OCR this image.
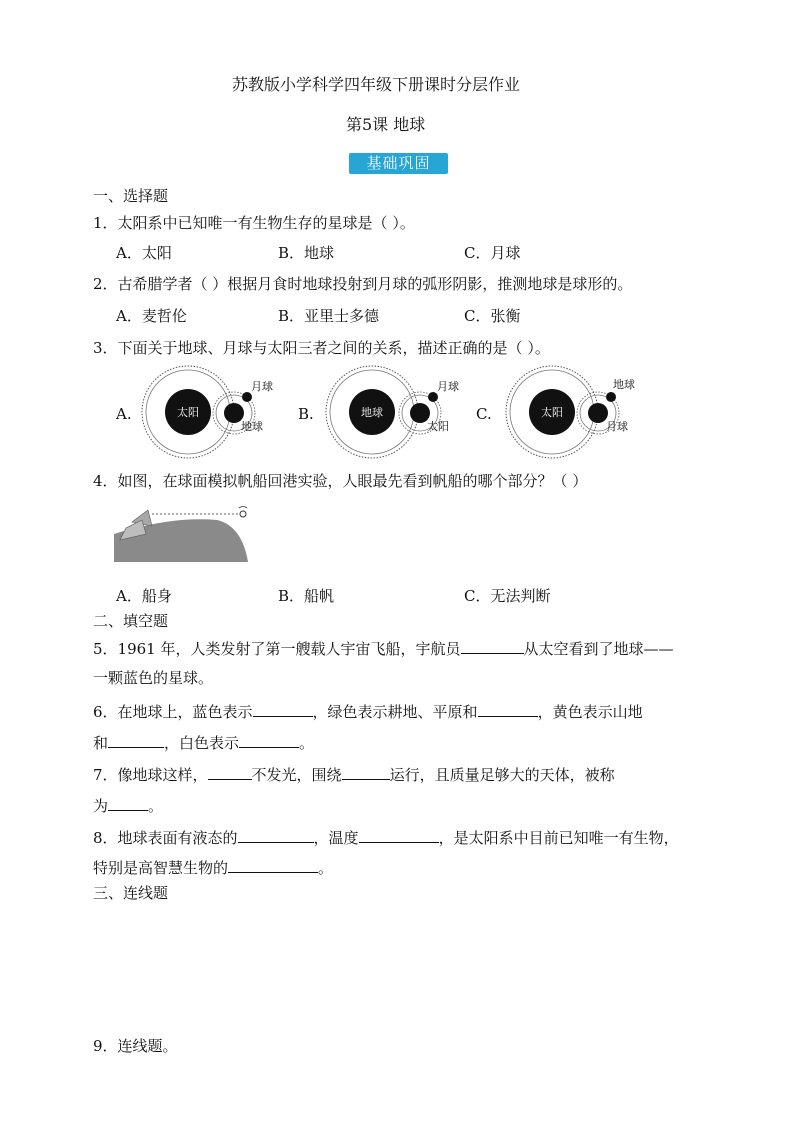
苏教版小学科学四年级下册课时分层作业
第5课 地球
基础巩固
一、选择题
1．太阳系中已知唯一有生物生存的星球是（ ）。
A．太阳	B．地球	C．月球
2．古希腊学者（ ）根据月食时地球投射到月球的弧形阴影，推测地球是球形的。
A．麦哲伦	B．亚里士多德	C．张衡
3．下面关于地球、月球与太阳三者之间的关系，描述正确的是（ ）。
A.	B.	C.
太阳
月球
地球
地球
月球
太阳
太阳
地球
月球
4．如图，在球面模拟帆船回港实验，人眼最先看到帆船的哪个部分？（ ）
A．船身	B．船帆	C．无法判断
二、填空题
5．1961 年，人类发射了第一艘载人宇宙飞船，宇航员	从太空看到了地球——
一颗蓝色的星球。
6．在地球上，蓝色表示	，绿色表示耕地、平原和	，黄色表示山地
和	，白色表示	。
7．像地球这样，	不发光，围绕	运行，且质量足够大的天体，被称
为	。
8．地球表面有液态的	，温度	，是太阳系中目前已知唯一有生物，
特别是高智慧生物的	。
三、连线题
9．连线题。
